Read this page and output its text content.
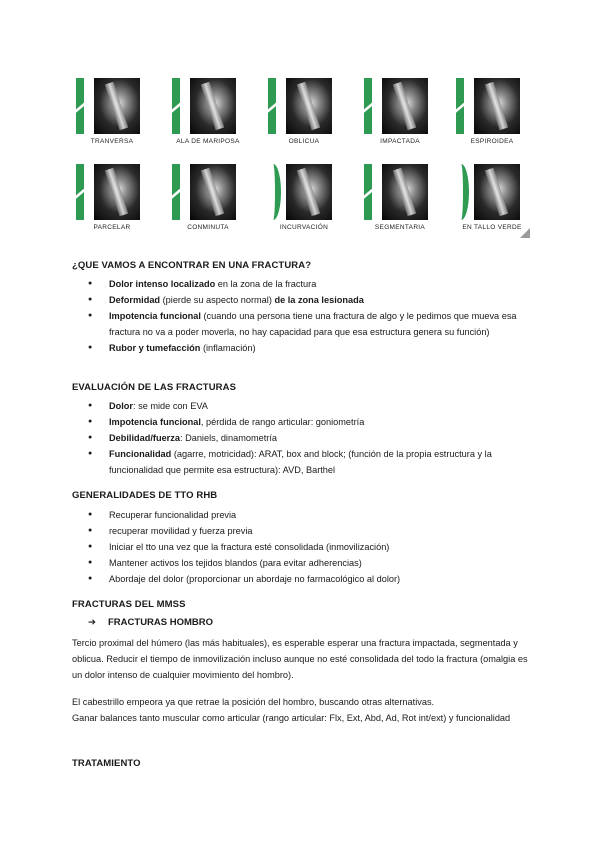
TRANVERSA	ALA DE MARIPOSA	OBLICUA	IMPACTADA	ESPIROIDEA
PARCELAR	CONMINUTA	INCURVACIÓN	SEGMENTARIA	EN TALLO VERDE
¿QUE VAMOS A ENCONTRAR EN UNA FRACTURA?
● Dolor intenso localizado en la zona de la fractura
● Deformidad (pierde su aspecto normal) de la zona lesionada
● Impotencia funcional (cuando una persona tiene una fractura de algo y le pedimos que mueva esa fractura no va a poder moverla, no hay capacidad para que esa estructura genera su función)
● Rubor y tumefacción (inflamación)
EVALUACIÓN DE LAS FRACTURAS
● Dolor: se mide con EVA
● Impotencia funcional, pérdida de rango articular: goniometría
● Debilidad/fuerza: Daniels, dinamometría
● Funcionalidad (agarre, motricidad): ARAT, box and block; (función de la propia estructura y la funcionalidad que permite esa estructura): AVD, Barthel
GENERALIDADES DE TTO RHB
● Recuperar funcionalidad previa
● recuperar movilidad y fuerza previa
● Iniciar el tto una vez que la fractura esté consolidada (inmovilización)
● Mantener activos los tejidos blandos (para evitar adherencias)
● Abordaje del dolor (proporcionar un abordaje no farmacológico al dolor)
FRACTURAS DEL MMSS
➔ FRACTURAS HOMBRO

Tercio proximal del húmero (las más habituales), es esperable esperar una fractura impactada, segmentada y oblicua. Reducir el tiempo de inmovilización incluso aunque no esté consolidada del todo la fractura (omalgia es un dolor intenso de cualquier movimiento del hombro).

El cabestrillo empeora ya que retrae la posición del hombro, buscando otras alternativas.

Ganar balances tanto muscular como articular (rango articular: Flx, Ext, Abd, Ad, Rot int/ext) y funcionalidad

TRATAMIENTO
